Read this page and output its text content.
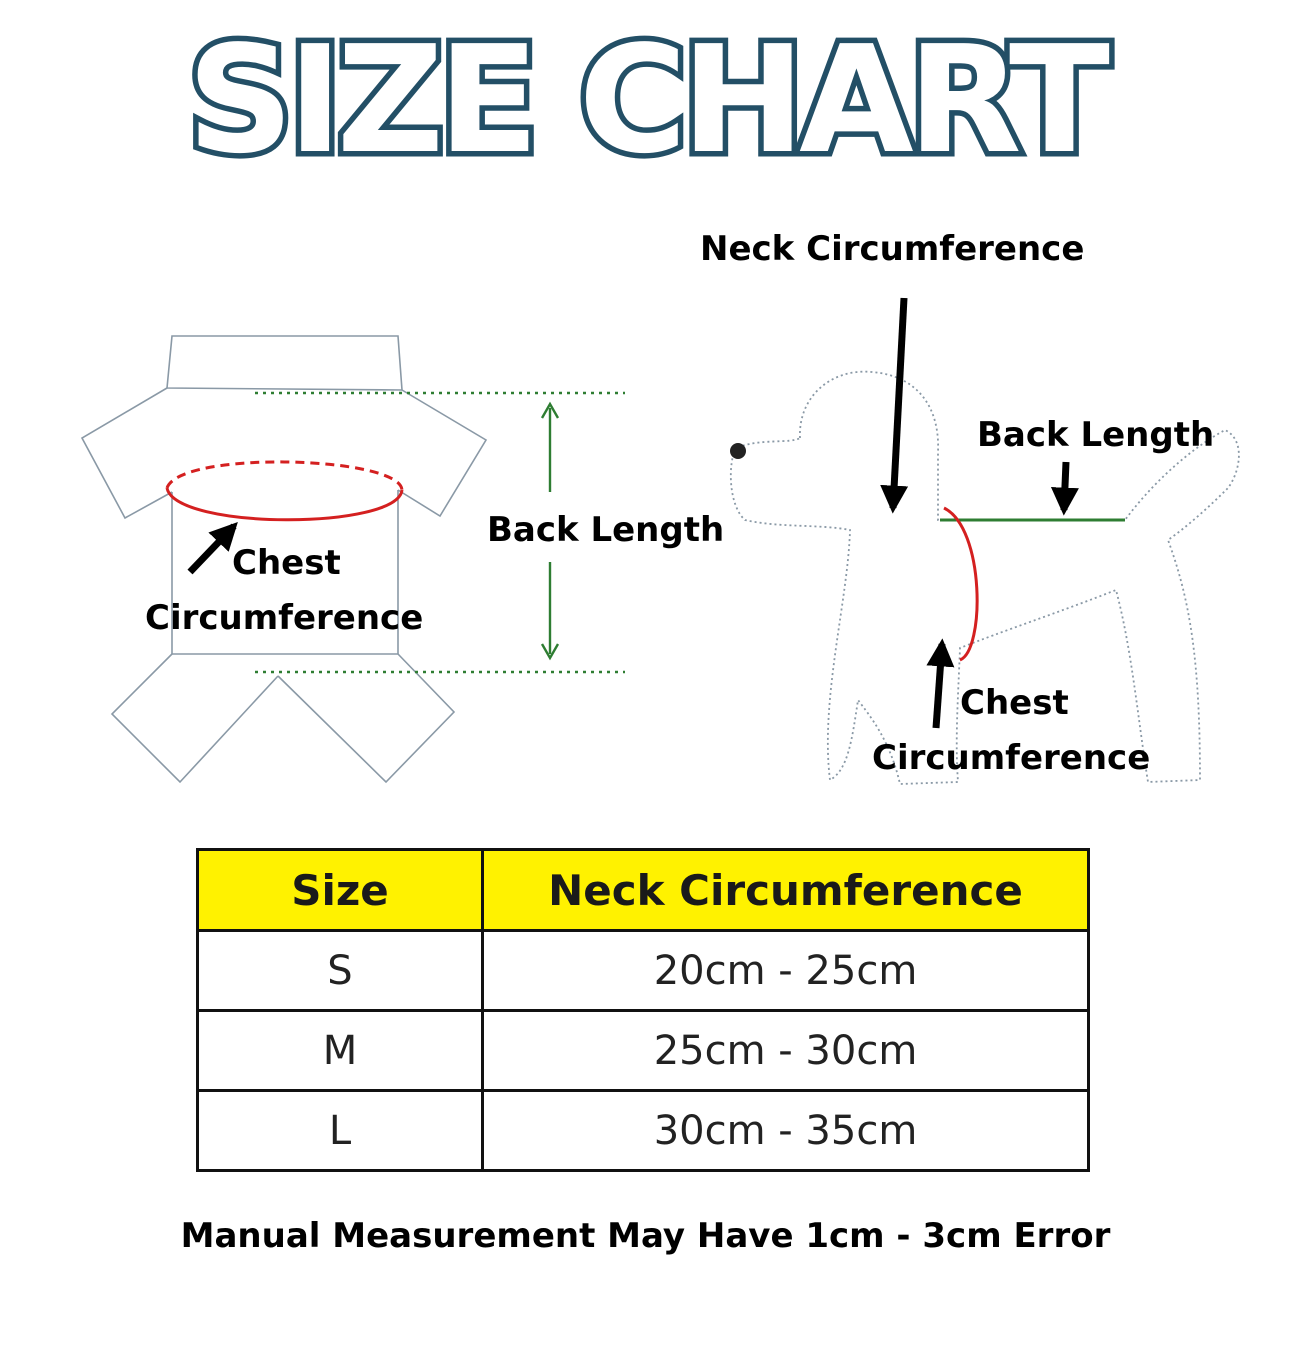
SIZE CHART
Back Length
Chest
Circumference
Neck Circumference
Back Length
Chest
Circumference
Size	Neck Circumference
S	20cm - 25cm
M	25cm - 30cm
L	30cm - 35cm
Manual Measurement May Have 1cm - 3cm Error
